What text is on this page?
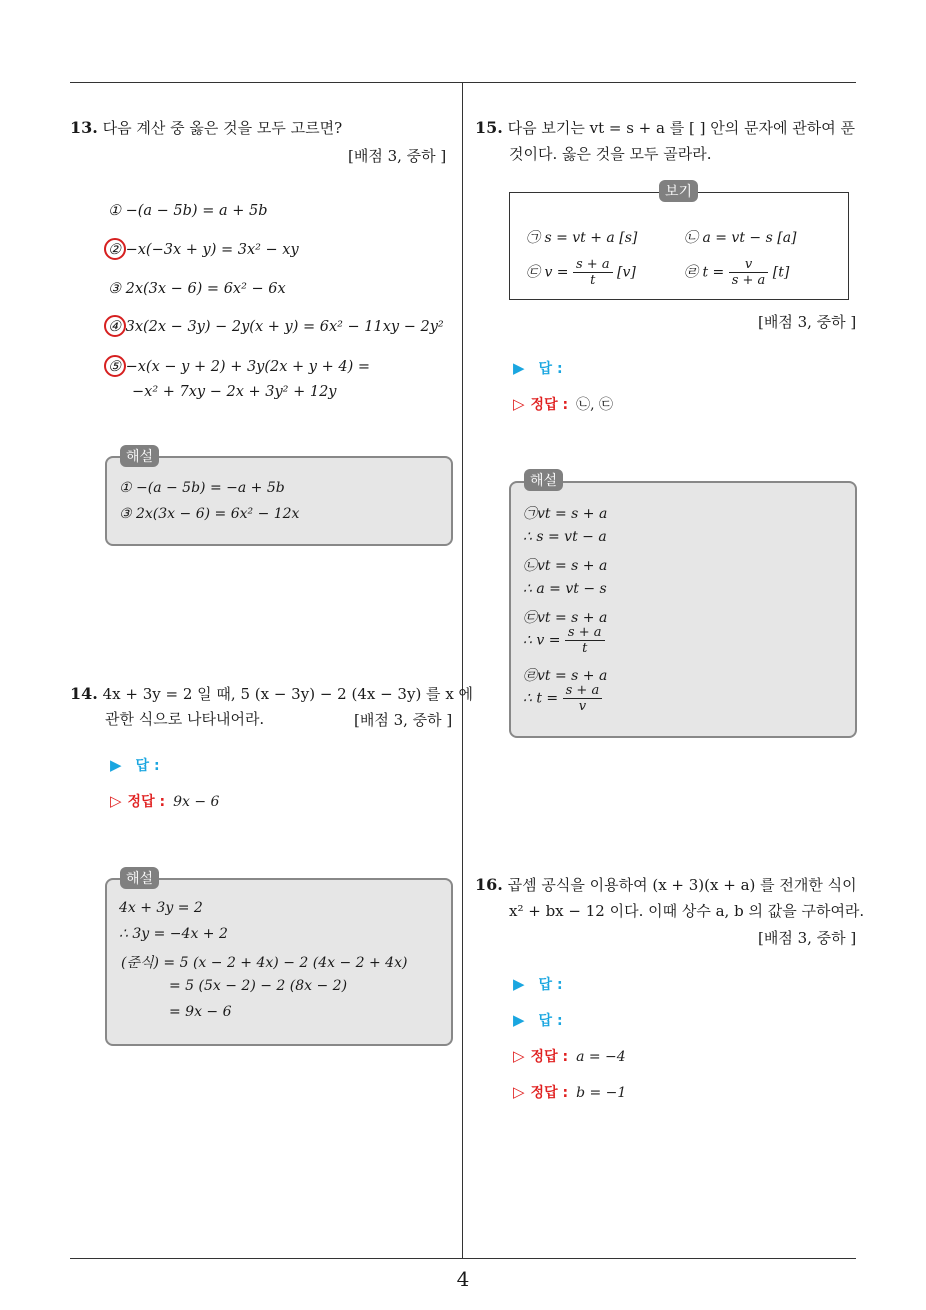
4
13. 다음 계산 중 옳은 것을 모두 고르면?
[배점 3, 중하 ]
① −(a − 5b) = a + 5b
② −x(−3x + y) = 3x² − xy
③ 2x(3x − 6) = 6x² − 6x
④ 3x(2x − 3y) − 2y(x + y) = 6x² − 11xy − 2y²
⑤ −x(x − y + 2) + 3y(2x + y + 4) =
−x² + 7xy − 2x + 3y² + 12y
① −(a − 5b) = −a + 5b
③ 2x(3x − 6) = 6x² − 12x
해설
14. 4x + 3y = 2 일 때, 5 (x − 3y) − 2 (4x − 3y) 를 x 에
관한 식으로 나타내어라.	[배점 3, 중하 ]
▶ 답 :
▷ 정답 : 9x − 6
4x + 3y = 2
∴ 3y = −4x + 2
(준식) = 5 (x − 2 + 4x) − 2 (4x − 2 + 4x)
= 5 (5x − 2) − 2 (8x − 2)
= 9x − 6
해설
15. 다음 보기는 vt = s + a 를 [ ] 안의 문자에 관하여 푼
것이다. 옳은 것을 모두 골라라.
㉠ s = vt + a [s]	㉡ a = vt − s [a]
㉢ $v = \frac{s + a}{t} [v]$	㉣ $t = \frac{v}{s + a} [t]$
보기
[배점 3, 중하 ]
▶ 답 :
▷ 정답 : ㉡, ㉢
㉠vt = s + a
∴ s = vt − a
㉡vt = s + a
∴ a = vt − s
㉢vt = s + a
∴ $v = \frac{s + a}{t}$
㉣vt = s + a
∴ $t = \frac{s + a}{v}$
해설
16. 곱셈 공식을 이용하여 (x + 3)(x + a) 를 전개한 식이
x² + bx − 12 이다. 이때 상수 a, b 의 값을 구하여라.
[배점 3, 중하 ]
▶ 답 :
▶ 답 :
▷ 정답 : a = −4
▷ 정답 : b = −1
